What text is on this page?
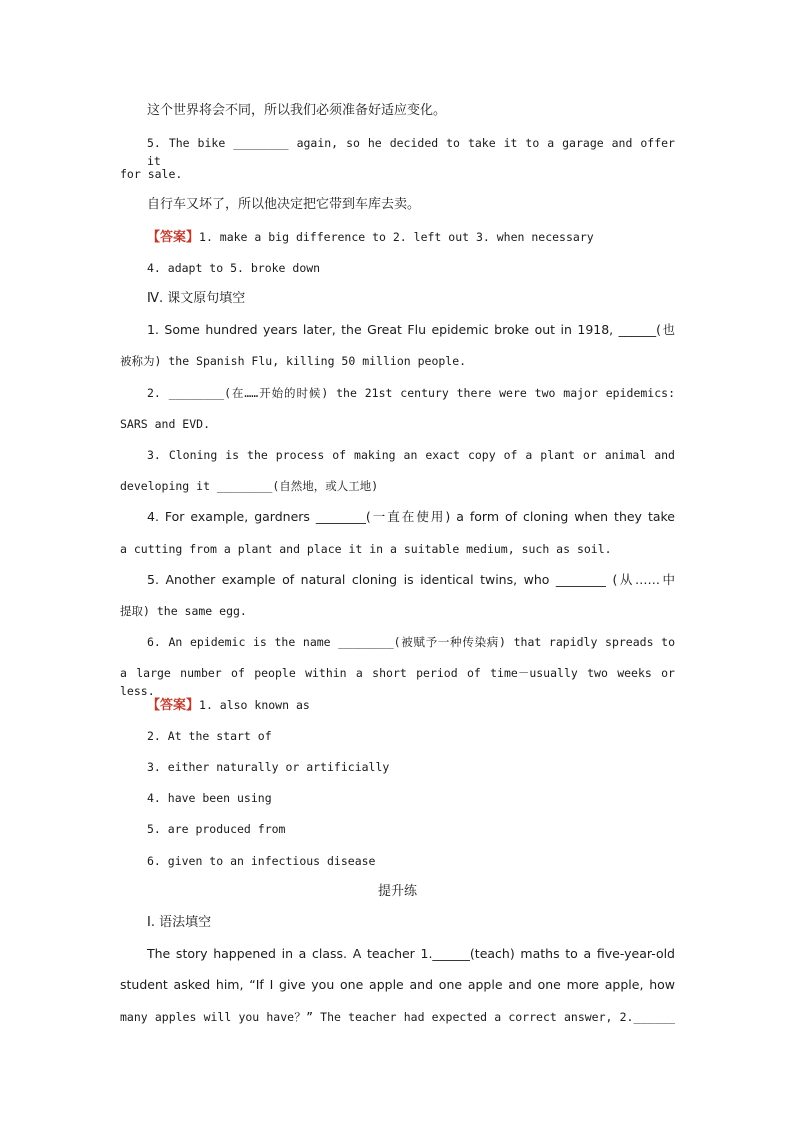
这个世界将会不同，所以我们必须准备好适应变化。
5. The bike ________ again, so he decided to take it to a garage and offer it
for sale.
自行车又坏了，所以他决定把它带到车库去卖。
【答案】1. make a big difference to 2. left out 3. when necessary
4. adapt to 5. broke down
Ⅳ. 课文原句填空
1. Some hundred years later, the Great Flu epidemic broke out in 1918, ______(也
被称为) the Spanish Flu, killing 50 million people.
2. ________(在……开始的时候) the 21st century there were two major epidemics:
SARS and EVD.
3. Cloning is the process of making an exact copy of a plant or animal and
developing it ________(自然地，或人工地)
4. For example, gardners ________(一直在使用) a form of cloning when they take
a cutting from a plant and place it in a suitable medium, such as soil.
5. Another example of natural cloning is identical twins, who ________ (从……中
提取) the same egg.
6. An epidemic is the name ________(被赋予一种传染病) that rapidly spreads to
a large number of people within a short period of time－usually two weeks or less.
【答案】1. also known as
2. At the start of
3. either naturally or artificially
4. have been using
5. are produced from
6. given to an infectious disease
提升练
Ⅰ. 语法填空
The story happened in a class. A teacher 1.______(teach) maths to a five-year-old
student asked him, “If I give you one apple and one apple and one more apple, how
many apples will you have？” The teacher had expected a correct answer, 2.______
